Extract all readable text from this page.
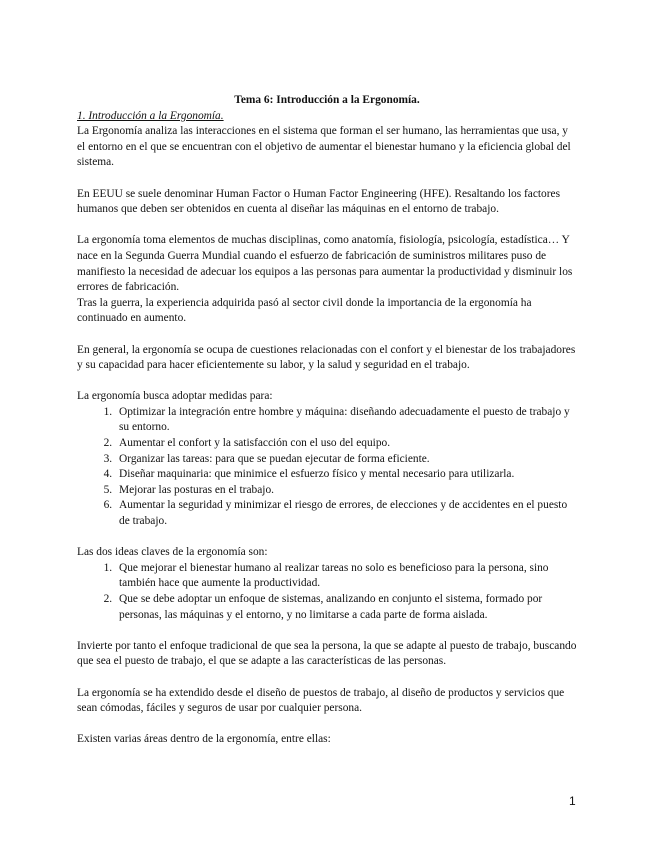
Tema 6: Introducción a la Ergonomía.

1. Introducción a la Ergonomía.

La Ergonomía analiza las interacciones en el sistema que forman el ser humano, las herramientas que usa, y el entorno en el que se encuentran con el objetivo de aumentar el bienestar humano y la eficiencia global del sistema.

En EEUU se suele denominar Human Factor o Human Factor Engineering (HFE). Resaltando los factores humanos que deben ser obtenidos en cuenta al diseñar las máquinas en el entorno de trabajo.

La ergonomía toma elementos de muchas disciplinas, como anatomía, fisiología, psicología, estadística… Y nace en la Segunda Guerra Mundial cuando el esfuerzo de fabricación de suministros militares puso de manifiesto la necesidad de adecuar los equipos a las personas para aumentar la productividad y disminuir los errores de fabricación.

Tras la guerra, la experiencia adquirida pasó al sector civil donde la importancia de la ergonomía ha continuado en aumento.

En general, la ergonomía se ocupa de cuestiones relacionadas con el confort y el bienestar de los trabajadores y su capacidad para hacer eficientemente su labor, y la salud y seguridad en el trabajo.

La ergonomía busca adoptar medidas para:

1. Optimizar la integración entre hombre y máquina: diseñando adecuadamente el puesto de trabajo y su entorno.
2. Aumentar el confort y la satisfacción con el uso del equipo.
3. Organizar las tareas: para que se puedan ejecutar de forma eficiente.
4. Diseñar maquinaria: que minimice el esfuerzo físico y mental necesario para utilizarla.
5. Mejorar las posturas en el trabajo.
6. Aumentar la seguridad y minimizar el riesgo de errores, de elecciones y de accidentes en el puesto de trabajo.

Las dos ideas claves de la ergonomía son:

1. Que mejorar el bienestar humano al realizar tareas no solo es beneficioso para la persona, sino también hace que aumente la productividad.
2. Que se debe adoptar un enfoque de sistemas, analizando en conjunto el sistema, formado por personas, las máquinas y el entorno, y no limitarse a cada parte de forma aislada.

Invierte por tanto el enfoque tradicional de que sea la persona, la que se adapte al puesto de trabajo, buscando que sea el puesto de trabajo, el que se adapte a las características de las personas.

La ergonomía se ha extendido desde el diseño de puestos de trabajo, al diseño de productos y servicios que sean cómodas, fáciles y seguros de usar por cualquier persona.

Existen varias áreas dentro de la ergonomía, entre ellas:

1
